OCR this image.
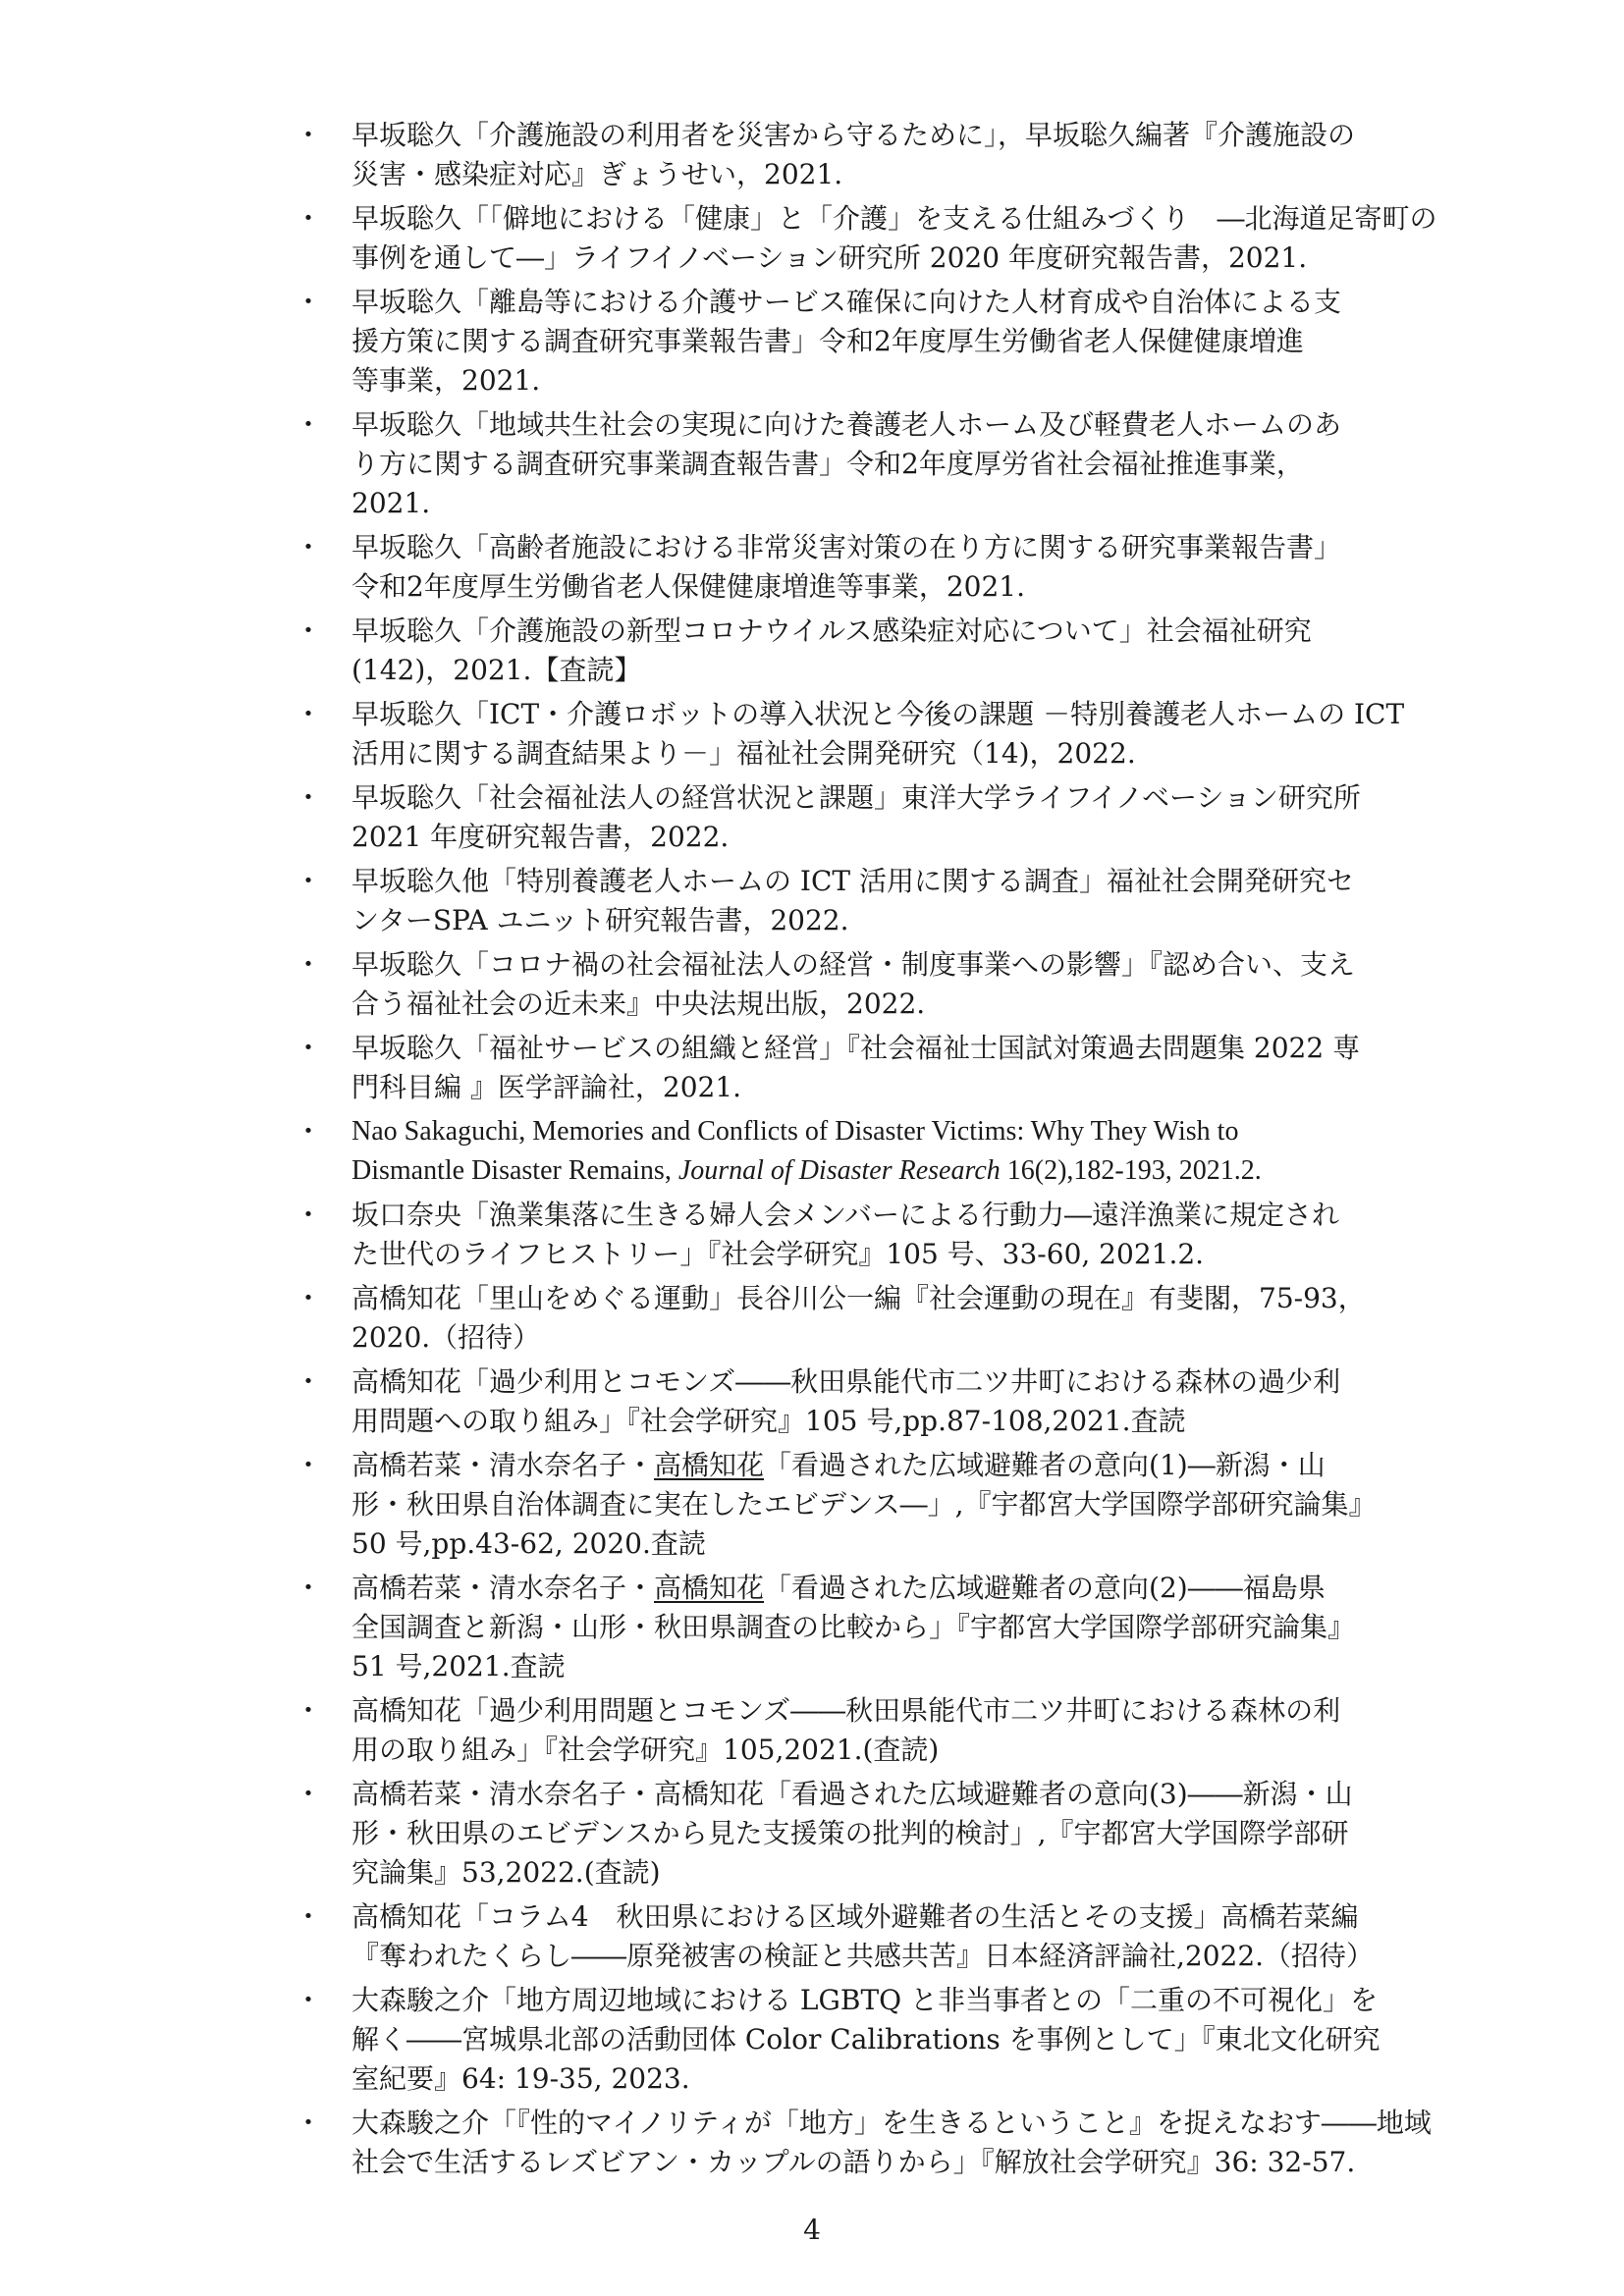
・ 早坂聡久「介護施設の利用者を災害から守るために」，早坂聡久編著『介護施設の
災害・感染症対応』ぎょうせい，2021.
・ 早坂聡久「「僻地における「健康」と「介護」を支える仕組みづくり　―北海道足寄町の
事例を通して―」ライフイノベーション研究所 2020 年度研究報告書，2021.
・ 早坂聡久「離島等における介護サービス確保に向けた人材育成や自治体による支
援方策に関する調査研究事業報告書」令和2年度厚生労働省老人保健健康増進
等事業，2021.
・ 早坂聡久「地域共生社会の実現に向けた養護老人ホーム及び軽費老人ホームのあ
り方に関する調査研究事業調査報告書」令和2年度厚労省社会福祉推進事業，
2021.
・ 早坂聡久「高齢者施設における非常災害対策の在り方に関する研究事業報告書」
令和2年度厚生労働省老人保健健康増進等事業，2021.
・ 早坂聡久「介護施設の新型コロナウイルス感染症対応について」社会福祉研究
(142)，2021.【査読】
・ 早坂聡久「ICT・介護ロボットの導入状況と今後の課題 －特別養護老人ホームの ICT
活用に関する調査結果より－」福祉社会開発研究（14)，2022.
・ 早坂聡久「社会福祉法人の経営状況と課題」東洋大学ライフイノベーション研究所
2021 年度研究報告書，2022.
・ 早坂聡久他「特別養護老人ホームの ICT 活用に関する調査」福祉社会開発研究セ
ンターSPA ユニット研究報告書，2022.
・ 早坂聡久「コロナ禍の社会福祉法人の経営・制度事業への影響」『認め合い、支え
合う福祉社会の近未来』中央法規出版，2022.
・ 早坂聡久「福祉サービスの組織と経営」『社会福祉士国試対策過去問題集 2022 専
門科目編 』医学評論社，2021.
・ Nao Sakaguchi, Memories and Conflicts of Disaster Victims: Why They Wish to
Dismantle Disaster Remains, Journal of Disaster Research 16(2),182-193, 2021.2.
・ 坂口奈央「漁業集落に生きる婦人会メンバーによる行動力―遠洋漁業に規定され
た世代のライフヒストリー」『社会学研究』105 号、33-60, 2021.2.
・ 高橋知花「里山をめぐる運動」長谷川公一編『社会運動の現在』有斐閣，75-93，
2020.（招待）
・ 高橋知花「過少利用とコモンズ――秋田県能代市二ツ井町における森林の過少利
用問題への取り組み」『社会学研究』105 号,pp.87-108,2021.査読
・ 高橋若菜・清水奈名子・高橋知花「看過された広域避難者の意向(1)―新潟・山
形・秋田県自治体調査に実在したエビデンス―」,『宇都宮大学国際学部研究論集』
50 号,pp.43-62, 2020.査読
・ 高橋若菜・清水奈名子・高橋知花「看過された広域避難者の意向(2)――福島県
全国調査と新潟・山形・秋田県調査の比較から」『宇都宮大学国際学部研究論集』
51 号,2021.査読
・ 高橋知花「過少利用問題とコモンズ――秋田県能代市二ツ井町における森林の利
用の取り組み」『社会学研究』105,2021.(査読)
・ 高橋若菜・清水奈名子・高橋知花「看過された広域避難者の意向(3)――新潟・山
形・秋田県のエビデンスから見た支援策の批判的検討」,『宇都宮大学国際学部研
究論集』53,2022.(査読)
・ 高橋知花「コラム4　秋田県における区域外避難者の生活とその支援」高橋若菜編
『奪われたくらし――原発被害の検証と共感共苦』日本経済評論社,2022.（招待）
・ 大森駿之介「地方周辺地域における LGBTQ と非当事者との「二重の不可視化」を
解く――宮城県北部の活動団体 Color Calibrations を事例として」『東北文化研究
室紀要』64: 19-35, 2023.
・ 大森駿之介「『性的マイノリティが「地方」を生きるということ』を捉えなおす――地域
社会で生活するレズビアン・カップルの語りから」『解放社会学研究』36: 32-57.
4
